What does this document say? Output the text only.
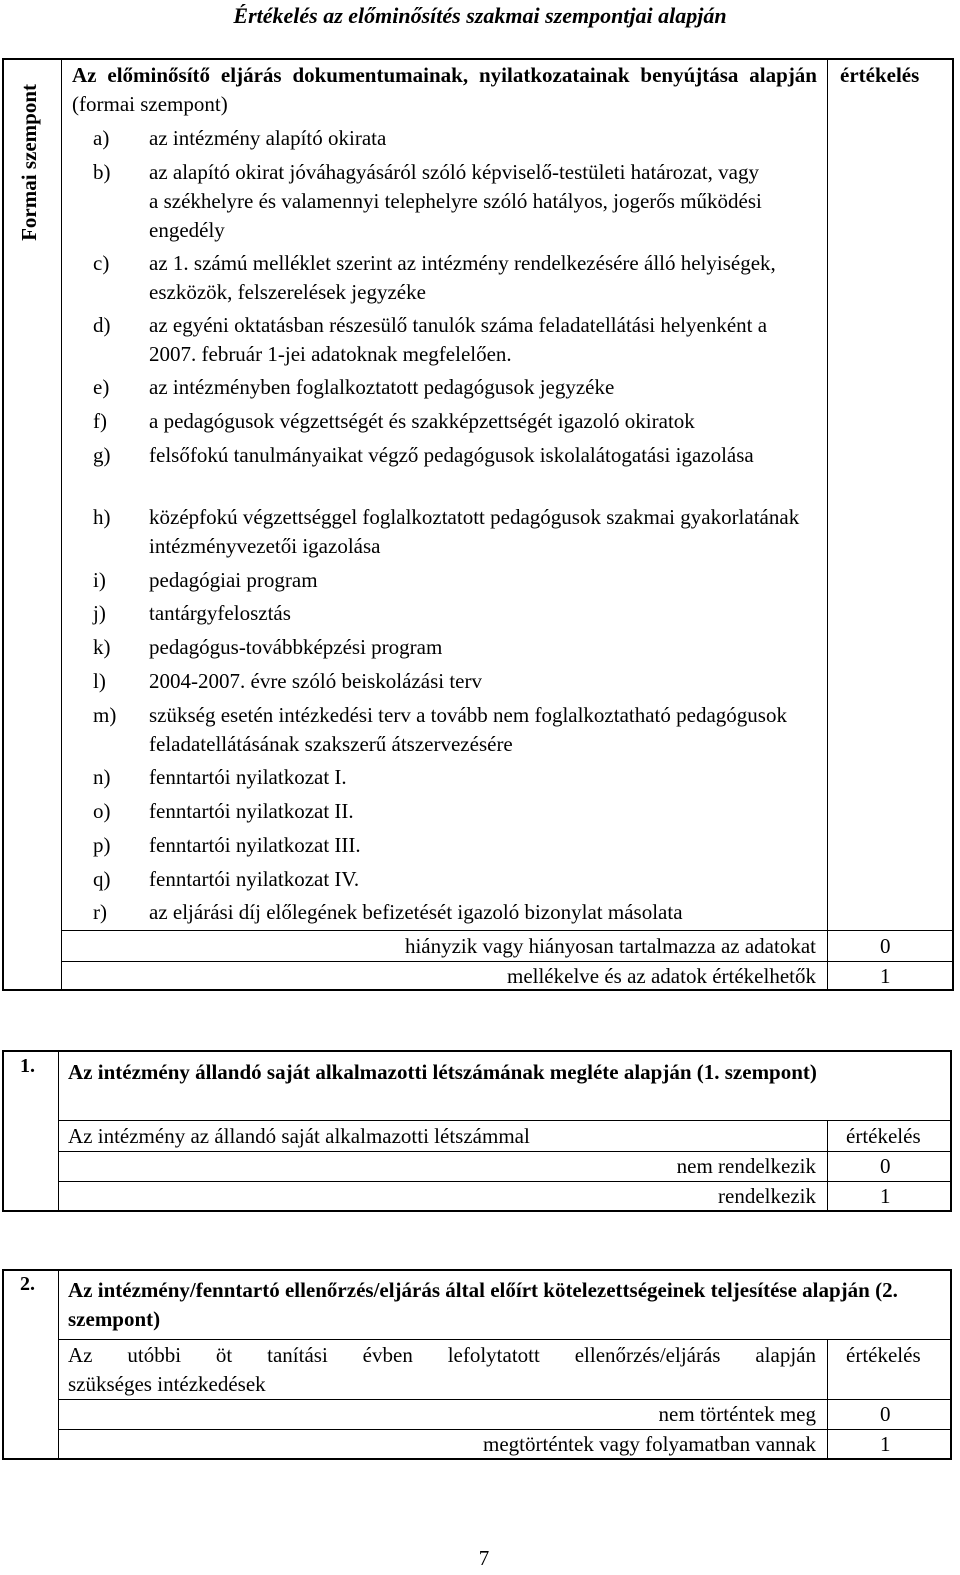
Értékelés az előminősítés szakmai szempontjai alapján
Formai szempont
Az előminősítő eljárás dokumentumainak, nyilatkozatainak benyújtása alapján (formai szempont)
értékelés
a) az intézmény alapító okirata
b) az alapító okirat jóváhagyásáról szóló képviselő-testületi határozat, vagy a székhelyre és valamennyi telephelyre szóló hatályos, jogerős működési engedély
c) az 1. számú melléklet szerint az intézmény rendelkezésére álló helyiségek, eszközök, felszerelések jegyzéke
d) az egyéni oktatásban részesülő tanulók száma feladatellátási helyenként a 2007. február 1-jei adatoknak megfelelően.
e) az intézményben foglalkoztatott pedagógusok jegyzéke
f) a pedagógusok végzettségét és szakképzettségét igazoló okiratok
g) felsőfokú tanulmányaikat végző pedagógusok iskolalátogatási igazolása
h) középfokú végzettséggel foglalkoztatott pedagógusok szakmai gyakorlatának intézményvezetői igazolása
i) pedagógiai program
j) tantárgyfelosztás
k) pedagógus-továbbképzési program
l) 2004-2007. évre szóló beiskolázási terv
m) szükség esetén intézkedési terv a tovább nem foglalkoztatható pedagógusok feladatellátásának szakszerű átszervezésére
n) fenntartói nyilatkozat I.
o) fenntartói nyilatkozat II.
p) fenntartói nyilatkozat III.
q) fenntartói nyilatkozat IV.
r) az eljárási díj előlegének befizetését igazoló bizonylat másolata
hiányzik vagy hiányosan tartalmazza az adatokat	0
mellékelve és az adatok értékelhetők	1
1. Az intézmény állandó saját alkalmazotti létszámának megléte alapján (1. szempont)
Az intézmény az állandó saját alkalmazotti létszámmal	értékelés
nem rendelkezik	0
rendelkezik	1
2. Az intézmény/fenntartó ellenőrzés/eljárás által előírt kötelezettségeinek teljesítése alapján (2. szempont)
Az utóbbi öt tanítási évben lefolytatott ellenőrzés/eljárás alapján
szükséges intézkedések
értékelés
nem történtek meg	0
megtörténtek vagy folyamatban vannak	1
7
